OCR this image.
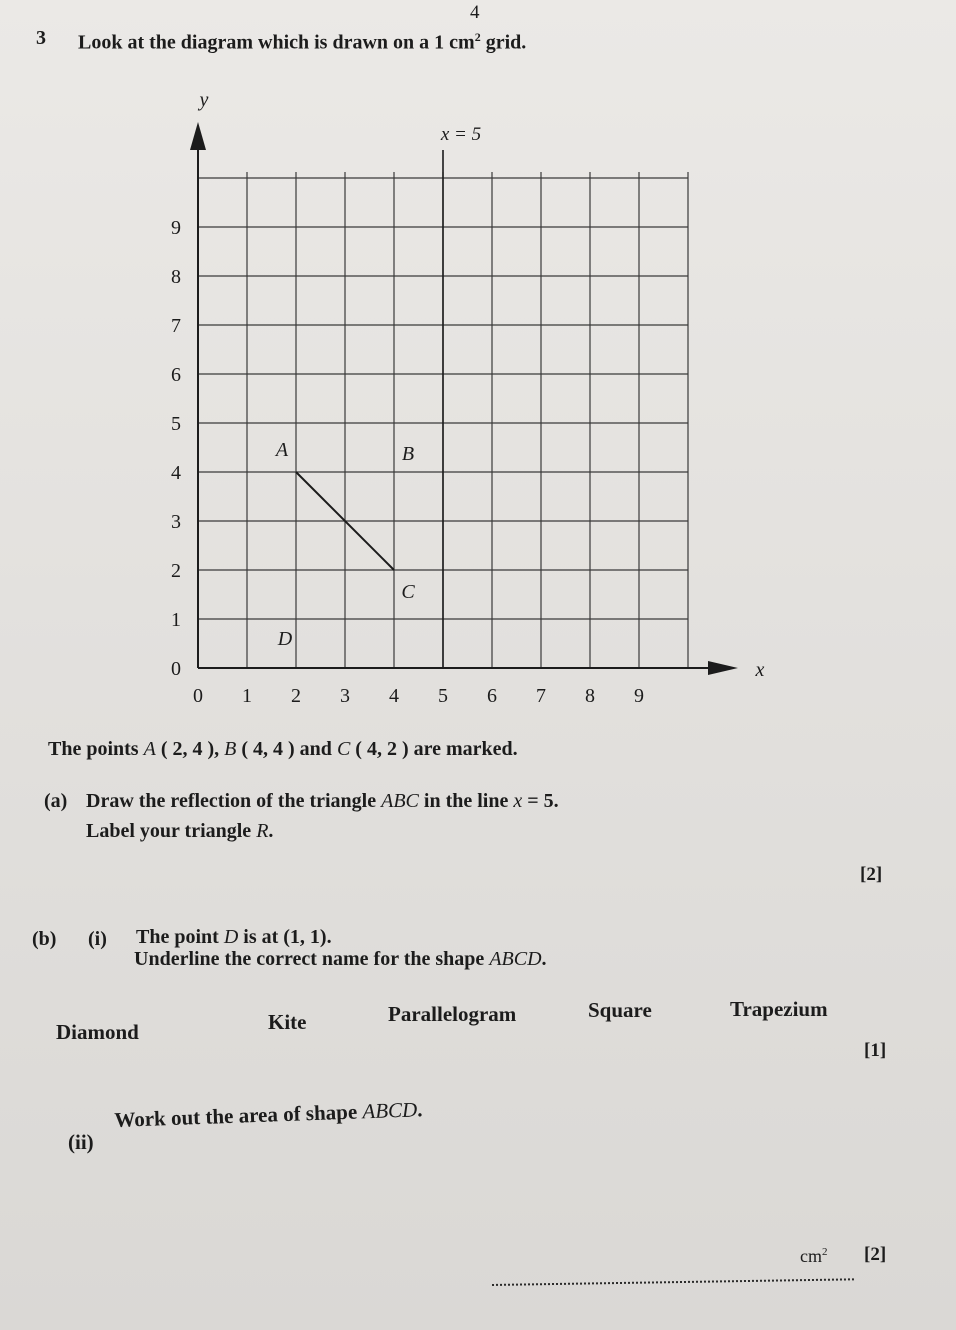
4
3 Look at the diagram which is drawn on a 1 $cm^2$ grid.
y
x
0
1
2
3
4
5
6
7
8
9
0 1 2 3 4 5 6 7 8 9
x = 5
A	B
C
D
The points A ( 2, 4 ), B ( 4, 4 ) and C ( 4, 2 ) are marked.
(a) Draw the reflection of the triangle ABC in the line x = 5.
Label your triangle R.
[2]
(b) (i) The point D is at (1, 1).
Underline the correct name for the shape ABCD.
Diamond	Kite	Parallelogram	Square	Trapezium
[1]
(ii)
Work out the area of shape ABCD.
$cm^2$ [2]
